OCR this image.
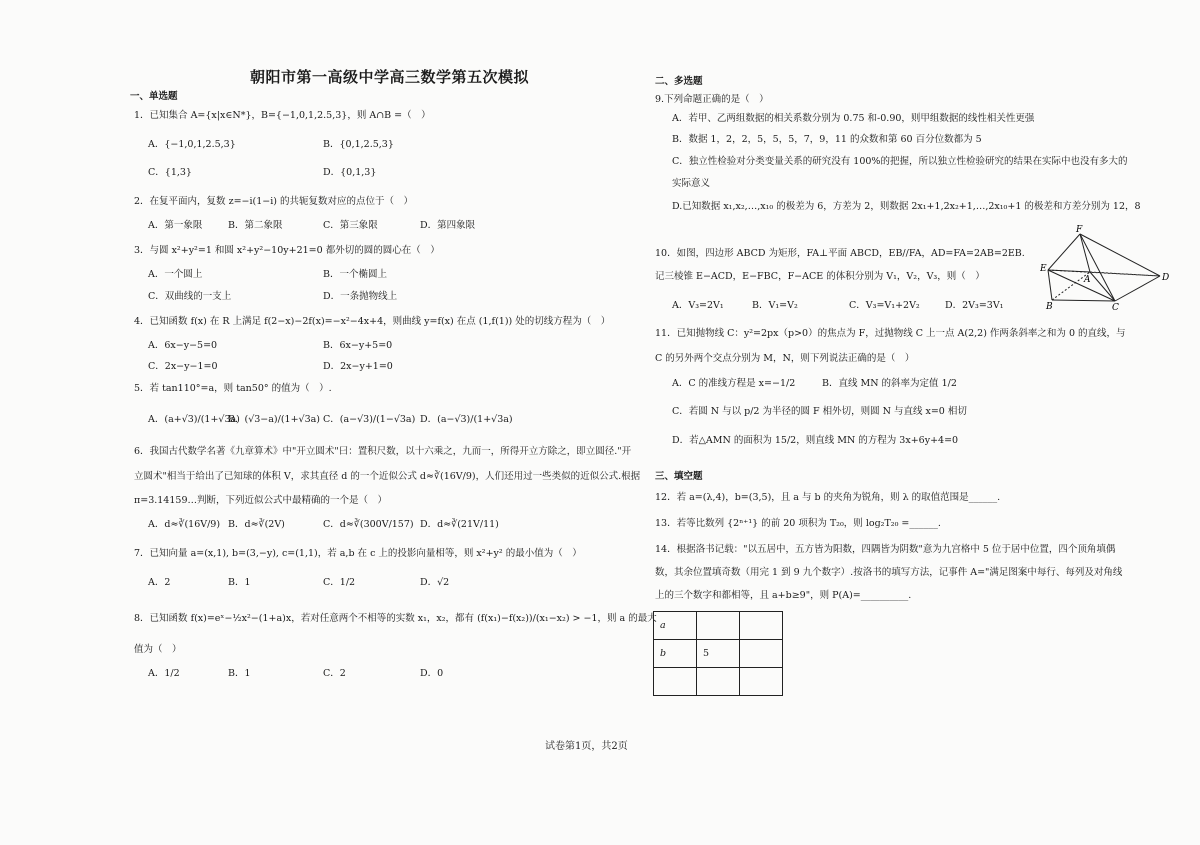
朝阳市第一高级中学高三数学第五次模拟
一、单选题
1．已知集合 A={x|x∈N*}，B={−1,0,1,2.5,3}，则 A∩B =（　）
A．{−1,0,1,2.5,3}	B．{0,1,2.5,3}
C．{1,3}	D．{0,1,3}
2．在复平面内，复数 z=−i(1−i) 的共轭复数对应的点位于（　）
A．第一象限	B．第二象限	C．第三象限	D．第四象限
3．与圆 x²+y²=1 和圆 x²+y²−10y+21=0 都外切的圆的圆心在（　）
A．一个圆上	B．一个椭圆上
C．双曲线的一支上	D．一条抛物线上
4．已知函数 f(x) 在 R 上满足 f(2−x)−2f(x)=−x²−4x+4，则曲线 y=f(x) 在点 (1,f(1)) 处的切线方程为（　）
A．6x−y−5=0	B．6x−y+5=0
C．2x−y−1=0	D．2x−y+1=0
5．若 tan110°=a，则 tan50° 的值为（　）.
A．(a+√3)/(1+√3a)
B．(√3−a)/(1+√3a) C．(a−√3)/(1−√3a) D．(a−√3)/(1+√3a)
6．我国古代数学名著《九章算术》中"开立圆术"曰：置积尺数，以十六乘之，九而一，所得开立方除之，即立圆径."开
立圆术"相当于给出了已知球的体积 V，求其直径 d 的一个近似公式 d≈∛(16V/9)，人们还用过一些类似的近似公式.根据
π=3.14159…判断，下列近似公式中最精确的一个是（　）
A．d≈∛(16V/9) B．d≈∛(2V)	C．d≈∛(300V/157) D．d≈∛(21V/11)
7．已知向量 a=(x,1), b=(3,−y), c=(1,1)，若 a,b 在 c 上的投影向量相等，则 x²+y² 的最小值为（　）
A．2	B．1	C．1/2	D．√2
8．已知函数 f(x)=eˣ−½x²−(1+a)x，若对任意两个不相等的实数 x₁，x₂，都有 (f(x₁)−f(x₂))/(x₁−x₂) > −1，则 a 的最大
值为（　）
A．1/2	B．1	C．2	D．0
二、多选题
9.下列命题正确的是（　）
A．若甲、乙两组数据的相关系数分别为 0.75 和-0.90，则甲组数据的线性相关性更强
B．数据 1，2，2，5，5，5，7，9，11 的众数和第 60 百分位数都为 5
C．独立性检验对分类变量关系的研究没有 100%的把握，所以独立性检验研究的结果在实际中也没有多大的
实际意义
D.已知数据 x₁,x₂,…,x₁₀ 的极差为 6，方差为 2，则数据 2x₁+1,2x₂+1,…,2x₁₀+1 的极差和方差分别为 12，8
10．如图，四边形 ABCD 为矩形，FA⊥平面 ABCD，EB//FA，AD=FA=2AB=2EB.
记三棱锥 E−ACD，E−FBC，F−ACE 的体积分别为 V₁，V₂，V₃，则（　）
A．V₃=2V₁	B．V₁=V₂	C．V₃=V₁+2V₂	D．2V₃=3V₁
F
E
A
B	C
D
11．已知抛物线 C：y²=2px（p>0）的焦点为 F，过抛物线 C 上一点 A(2,2) 作两条斜率之和为 0 的直线，与
C 的另外两个交点分别为 M，N，则下列说法正确的是（　）
A．C 的准线方程是 x=−1/2	B．直线 MN 的斜率为定值 1/2
C．若圆 N 与以 p/2 为半径的圆 F 相外切，则圆 N 与直线 x=0 相切
D．若△AMN 的面积为 15/2，则直线 MN 的方程为 3x+6y+4=0
三、填空题
12．若 a=(λ,4)，b=(3,5)，且 a 与 b 的夹角为锐角，则 λ 的取值范围是______.
13．若等比数列 {2ⁿ⁺¹} 的前 20 项积为 T₂₀，则 log₂T₂₀ =______.
14．根据洛书记载："以五居中，五方皆为阳数，四隅皆为阴数"意为九宫格中 5 位于居中位置，四个顶角填偶
数，其余位置填奇数（用完 1 到 9 九个数字）.按洛书的填写方法，记事件 A="满足图案中每行、每列及对角线
上的三个数字和都相等，且 a+b≥9"，则 P(A)=__________.
a		
b	5	

试卷第1页，共2页
